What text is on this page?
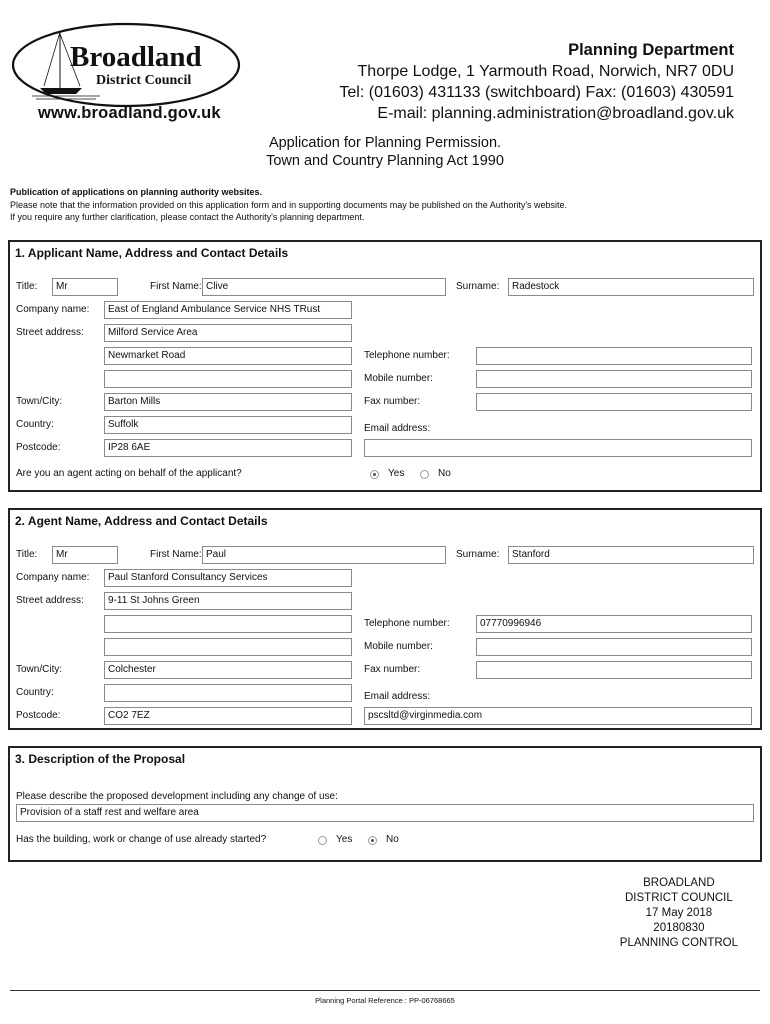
Broadland
District Council
www.broadland.gov.uk
Planning Department
Thorpe Lodge, 1 Yarmouth Road, Norwich, NR7 0DU
Tel: (01603) 431133 (switchboard) Fax: (01603) 430591
E-mail: planning.administration@broadland.gov.uk
Application for Planning Permission.
Town and Country Planning Act 1990
Publication of applications on planning authority websites.
Please note that the information provided on this application form and in supporting documents may be published on the Authority's website.
If you require any further clarification, please contact the Authority's planning department.
1. Applicant Name, Address and Contact Details
Title:	Mr	First Name: Clive	Surname:	Radestock
Company name:	East of England Ambulance Service NHS TRust
Street address:	Milford Service Area
Newmarket Road	Telephone number:
Mobile number:
Town/City:	Barton Mills	Fax number:
Country:	Suffolk	Email address:
Postcode:	IP28 6AE
Are you an agent acting on behalf of the applicant?	Yes	No
2. Agent Name, Address and Contact Details
Title:	Mr	First Name: Paul	Surname:	Stanford
Company name:	Paul Stanford Consultancy Services
Street address:	9-11 St Johns Green
Telephone number:	07770996946
Mobile number:
Town/City:	Colchester	Fax number:
Country:	Email address:
Postcode:	CO2 7EZ	pscsltd@virginmedia.com
3. Description of the Proposal
Please describe the proposed development including any change of use:
Provision of a staff rest and welfare area
Has the building, work or change of use already started?	Yes	No
BROADLAND
DISTRICT COUNCIL
17 May 2018
20180830
PLANNING CONTROL
Planning Portal Reference : PP-06768665
